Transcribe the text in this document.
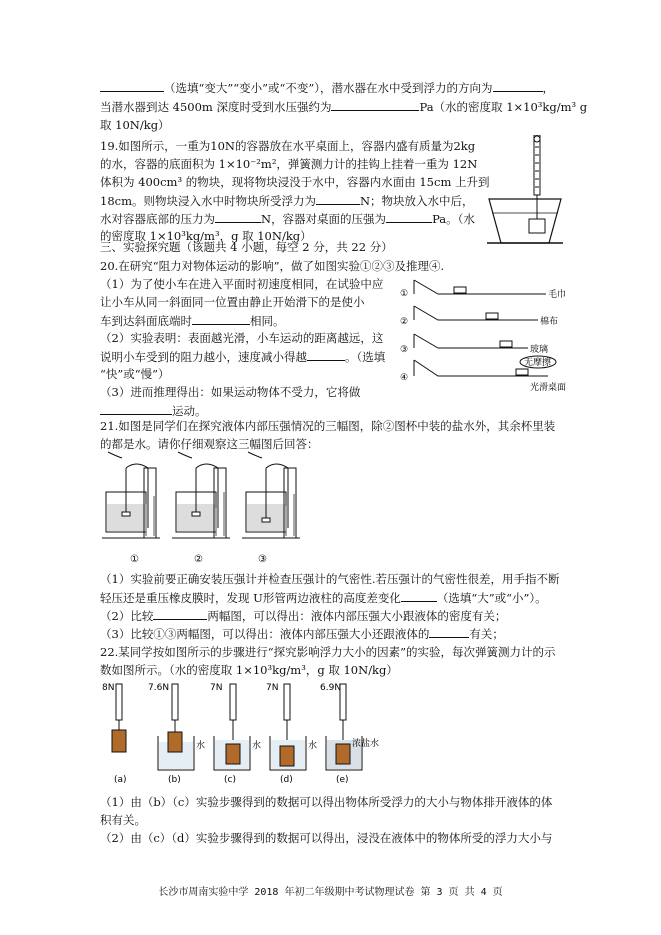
（选填“变大”“变小”或“不变”），潜水器在水中受到浮力的方向为	，
当潜水器到达 4500m 深度时受到水压强约为	Pa（水的密度取 1×10³kg/m³ g
取 10N/kg）
19.如图所示，一重为10N的容器放在水平桌面上，容器内盛有质量为2kg
的水，容器的底面积为 1×10⁻²m²，弹簧测力计的挂钩上挂着一重为 12N
体积为 400cm³ 的物块，现将物块浸没于水中，容器内水面由 15cm 上升到
18cm。则物块浸入水中时物块所受浮力为	N；物块放入水中后，
水对容器底部的压力为	N，容器对桌面的压强为	Pa。（水
的密度取 1×10³kg/m³，g 取 10N/kg）
三、实验探究题（该题共 4 小题，每空 2 分，共 22 分）
20.在研究“阻力对物体运动的影响”，做了如图实验①②③及推理④.
（1）为了使小车在进入平面时初速度相同，在试验中应
让小车从同一斜面同一位置由静止开始滑下的是使小
车到达斜面底端时	相同。
（2）实验表明：表面越光滑，小车运动的距离越远，这
说明小车受到的阻力越小，速度减小得越	。（选填
“快”或“慢”）
（3）进而推理得出：如果运动物体不受力，它将做
运动。
①	毛巾
②	棉布
③	玻璃
④
无摩擦
光滑桌面
21.如图是同学们在探究液体内部压强情况的三幅图，除②图杯中装的盐水外，其余杯里装
的都是水。请你仔细观察这三幅图后回答：
①	②	③
（1）实验前要正确安装压强计并检查压强计的气密性.若压强计的气密性很差，用手指不断
轻压还是重压橡皮膜时，发现 U形管两边液柱的高度差变化	（选填“大”或“小”）。
（2）比较	两幅图，可以得出：液体内部压强大小跟液体的密度有关；
（3）比较①③两幅图，可以得出：液体内部压强大小还跟液体的	有关；
22.某同学按如图所示的步骤进行“探究影响浮力大小的因素”的实验，每次弹簧测力计的示
数如图所示。（水的密度取 1×10³kg/m³，g 取 10N/kg）
8N
(a)
7.6N
水
(b)
7N
水
(c)
7N
水
(d)
6.9N
浓盐水
(e)
（1）由（b）（c）实验步骤得到的数据可以得出物体所受浮力的大小与物体排开液体的体
积有关。
（2）由（c）（d）实验步骤得到的数据可以得出，浸没在液体中的物体所受的浮力大小与
长沙市周南实验中学 2018 年初二年级期中考试物理试卷 第 3 页 共 4 页
